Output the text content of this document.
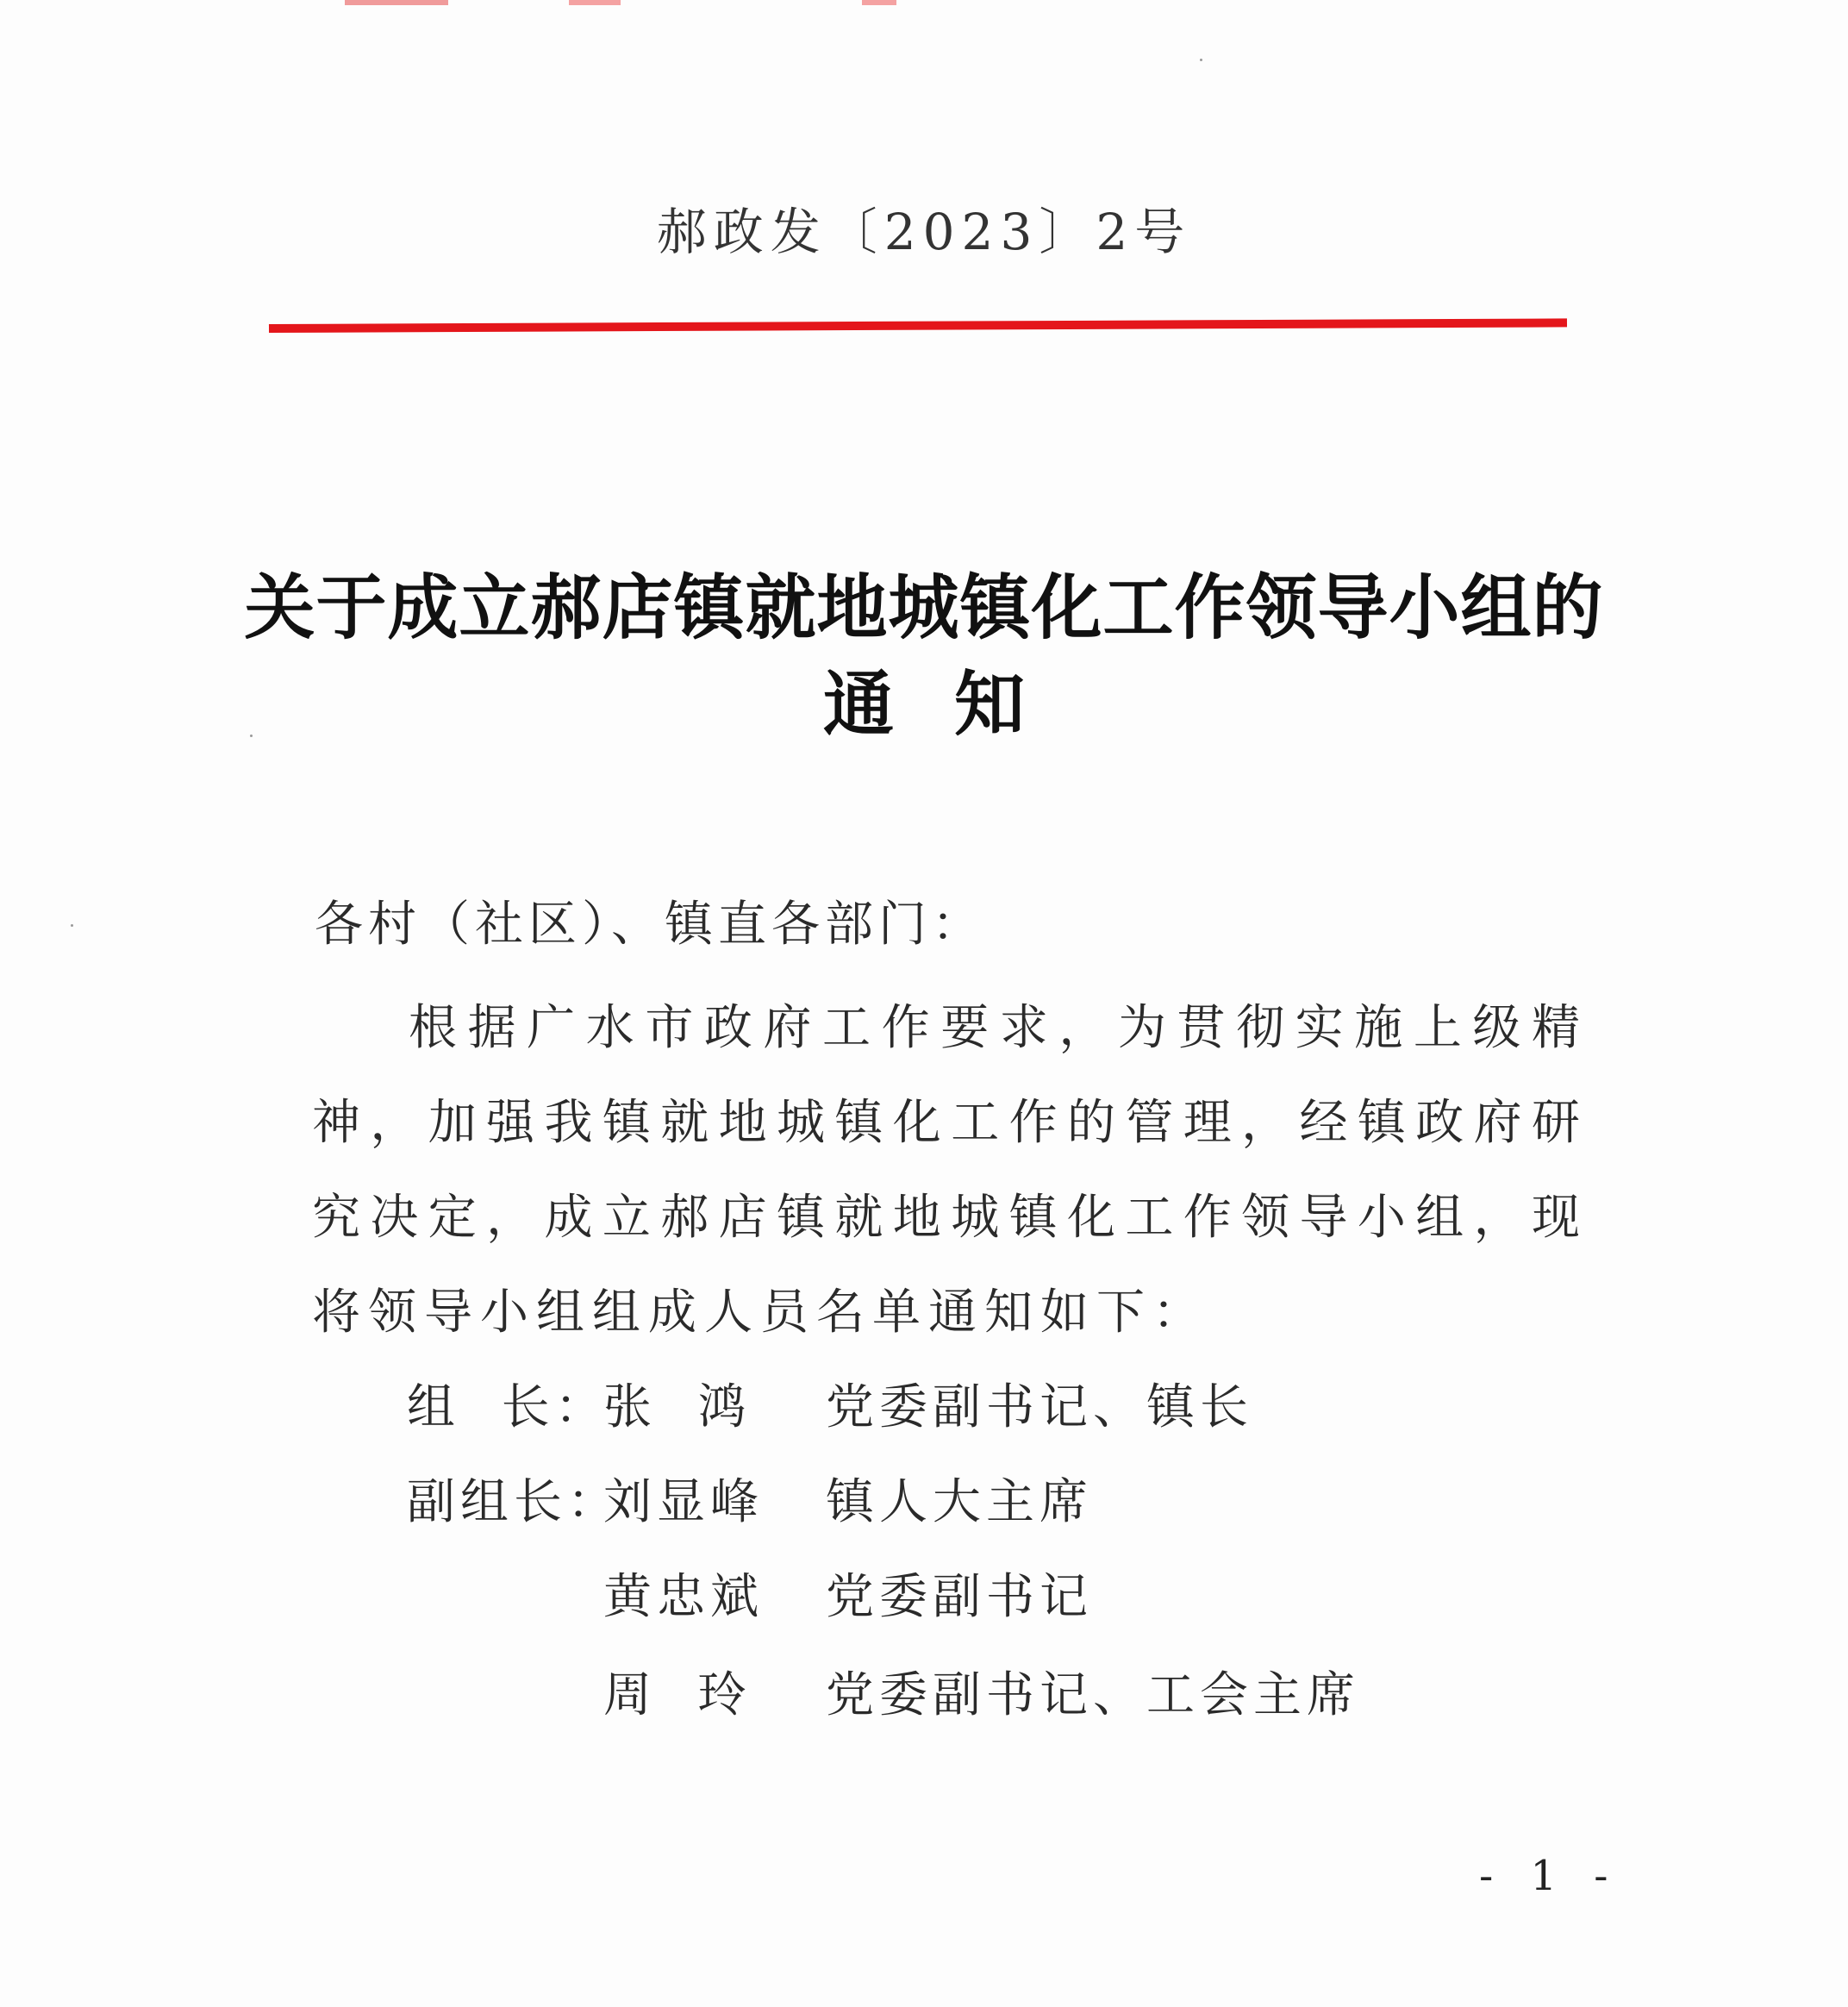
郝政发〔2023〕2号
关于成立郝店镇就地城镇化工作领导小组的
通知
各村（社区）、镇直各部门：
根据广水市政府工作要求，为贯彻实施上级精神，加强我镇就地城镇化工作的管理，经镇政府研究决定，成立郝店镇就地城镇化工作领导小组，现将领导小组组成人员名单通知如下：
组  长：
张  鸿 党委副书记、镇长
副组长：
刘显峰 镇人大主席
黄忠斌 党委副书记
周  玲 党委副书记、工会主席
- 1 -
